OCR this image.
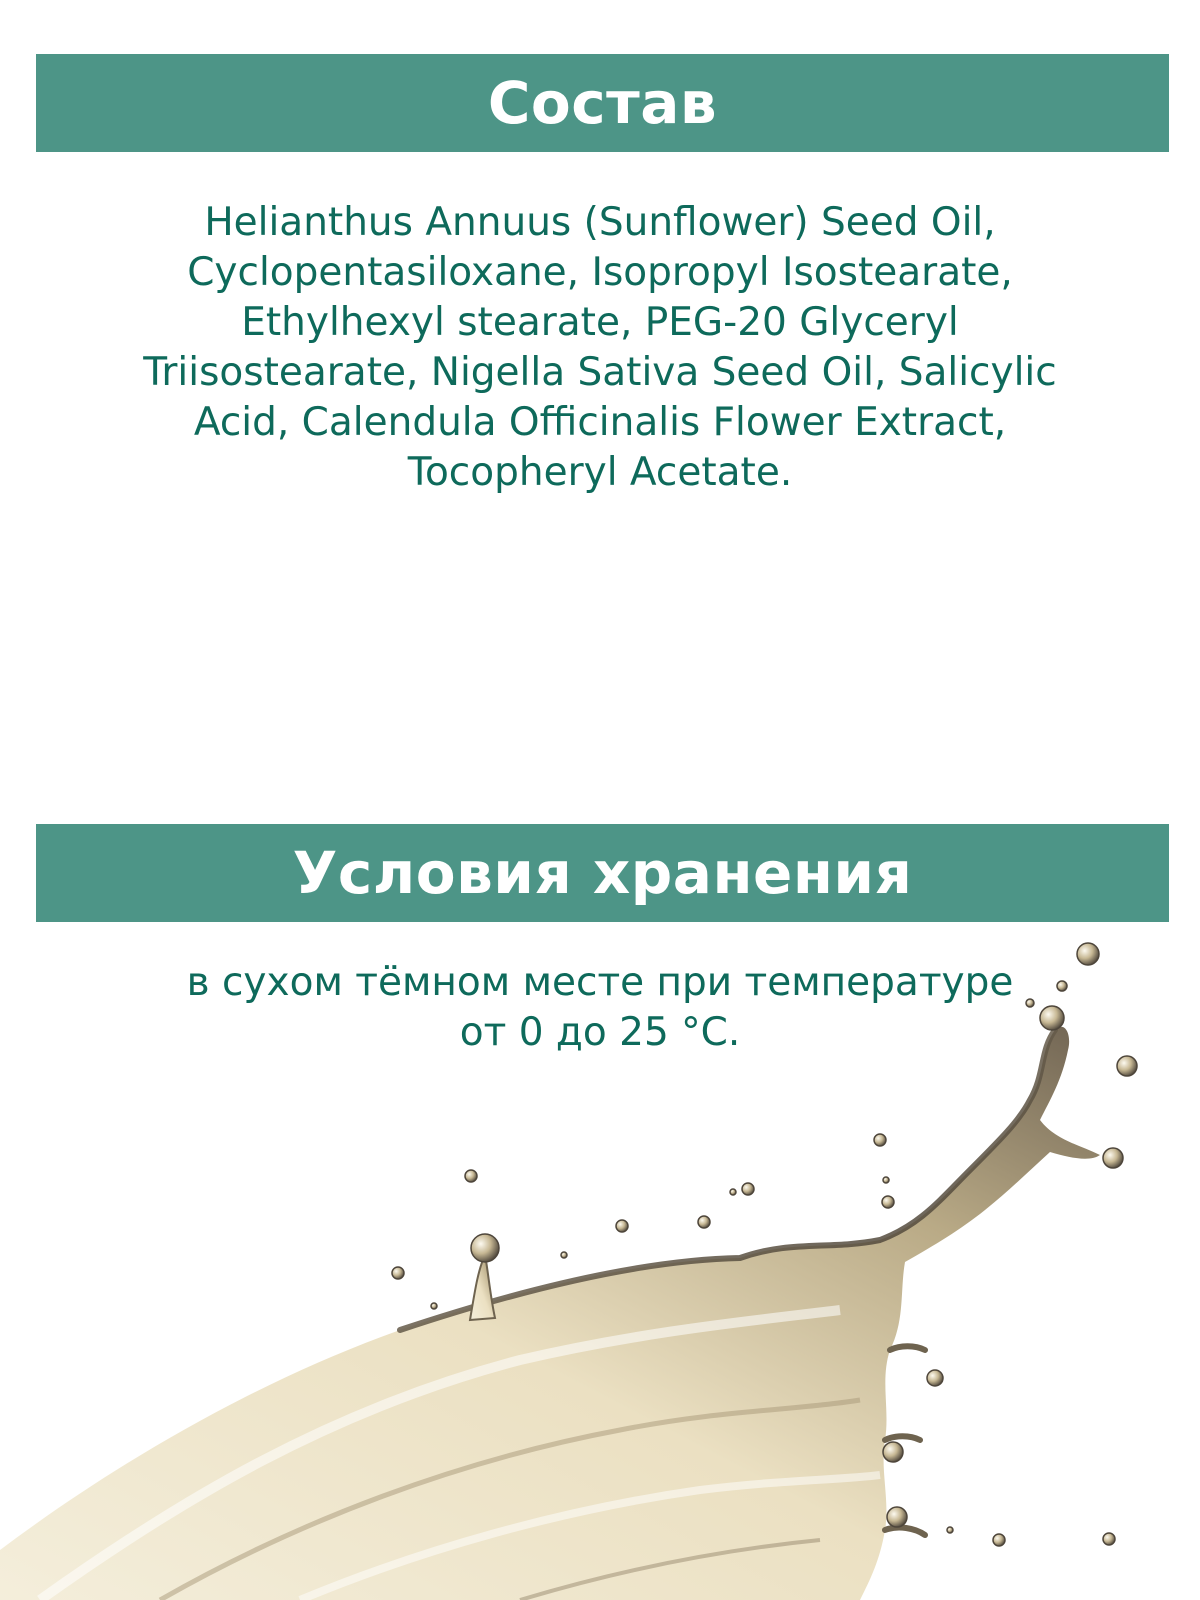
Состав
Helianthus Annuus (Sunflower) Seed Oil,
Cyclopentasiloxane, Isopropyl Isostearate,
Ethylhexyl stearate, PEG-20 Glyceryl
Triisostearate, Nigella Sativa Seed Oil, Salicylic
Acid, Calendula Officinalis Flower Extract,
Tocopheryl Acetate.
Условия хранения
в сухом тёмном месте при температуре
от 0 до 25 °С.
